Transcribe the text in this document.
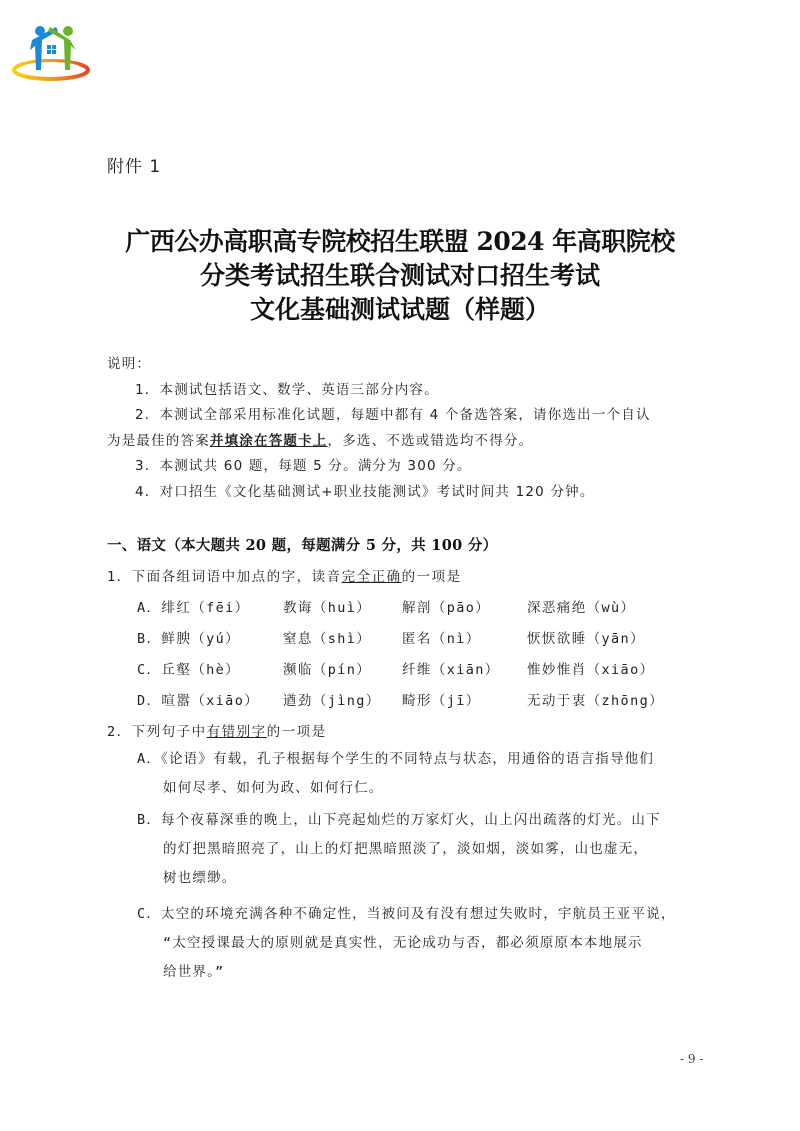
附件 1
广西公办高职高专院校招生联盟 2024 年高职院校
分类考试招生联合测试对口招生考试
文化基础测试试题（样题）
说明：
1．本测试包括语文、数学、英语三部分内容。
2．本测试全部采用标准化试题，每题中都有 4 个备选答案，请你选出一个自认
为是最佳的答案并填涂在答题卡上，多选、不选或错选均不得分。
3．本测试共 60 题，每题 5 分。满分为 300 分。
4．对口招生《文化基础测试+职业技能测试》考试时间共 120 分钟。
一、语文（本大题共 20 题，每题满分 5 分，共 100 分）
1．下面各组词语中加点的字，读音完全正确的一项是
A．绯红（fēi） 教诲（huì） 解剖（pāo）	深恶痛绝（wù）
B．鲜腴（yú）	窒息（shì） 匿名（nì）	恹恹欲睡（yān）
C．丘壑（hè）	濒临（pín） 纤维（xiān） 惟妙惟肖（xiāo）
D．喧嚣（xiāo） 遒劲（jìng） 畸形（jī）	无动于衷（zhōng）
2．下列句子中有错别字的一项是
A．《论语》有载，孔子根据每个学生的不同特点与状态，用通俗的语言指导他们
如何尽孝、如何为政、如何行仁。
B．每个夜幕深垂的晚上，山下亮起灿烂的万家灯火，山上闪出疏落的灯光。山下
的灯把黑暗照亮了，山上的灯把黑暗照淡了，淡如烟，淡如雾，山也虚无，
树也缥缈。
C．太空的环境充满各种不确定性，当被问及有没有想过失败时，宇航员王亚平说，
“太空授课最大的原则就是真实性，无论成功与否，都必须原原本本地展示
给世界。”
- 9 -
